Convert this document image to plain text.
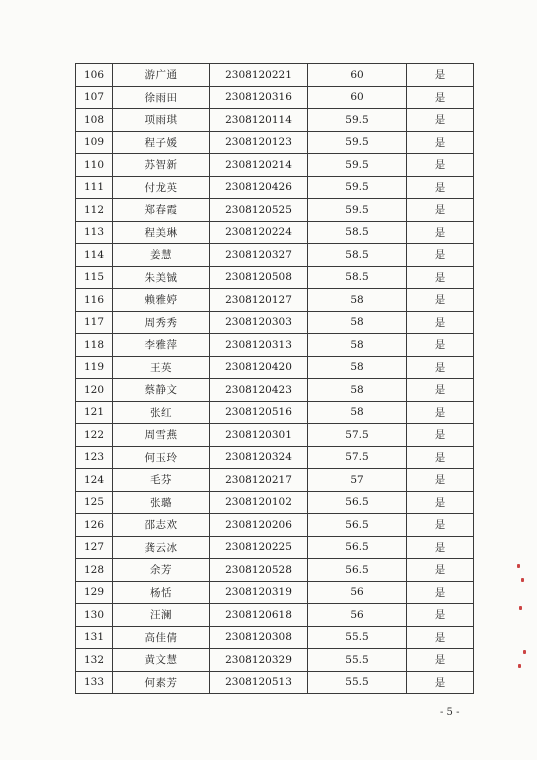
106	游广通	2308120221	60	是
107	徐雨田	2308120316	60	是
108	项雨琪	2308120114	59.5	是
109	程子媛	2308120123	59.5	是
110	苏智新	2308120214	59.5	是
111	付龙英	2308120426	59.5	是
112	郑春霞	2308120525	59.5	是
113	程美琳	2308120224	58.5	是
114	姜慧	2308120327	58.5	是
115	朱美铖	2308120508	58.5	是
116	赖雅婷	2308120127	58	是
117	周秀秀	2308120303	58	是
118	李雅萍	2308120313	58	是
119	王英	2308120420	58	是
120	蔡静文	2308120423	58	是
121	张红	2308120516	58	是
122	周雪燕	2308120301	57.5	是
123	何玉玲	2308120324	57.5	是
124	毛芬	2308120217	57	是
125	张璐	2308120102	56.5	是
126	邵志欢	2308120206	56.5	是
127	龚云冰	2308120225	56.5	是
128	余芳	2308120528	56.5	是
129	杨恬	2308120319	56	是
130	汪澜	2308120618	56	是
131	高佳倩	2308120308	55.5	是
132	黄文慧	2308120329	55.5	是
133	何素芳	2308120513	55.5	是
- 5 -
